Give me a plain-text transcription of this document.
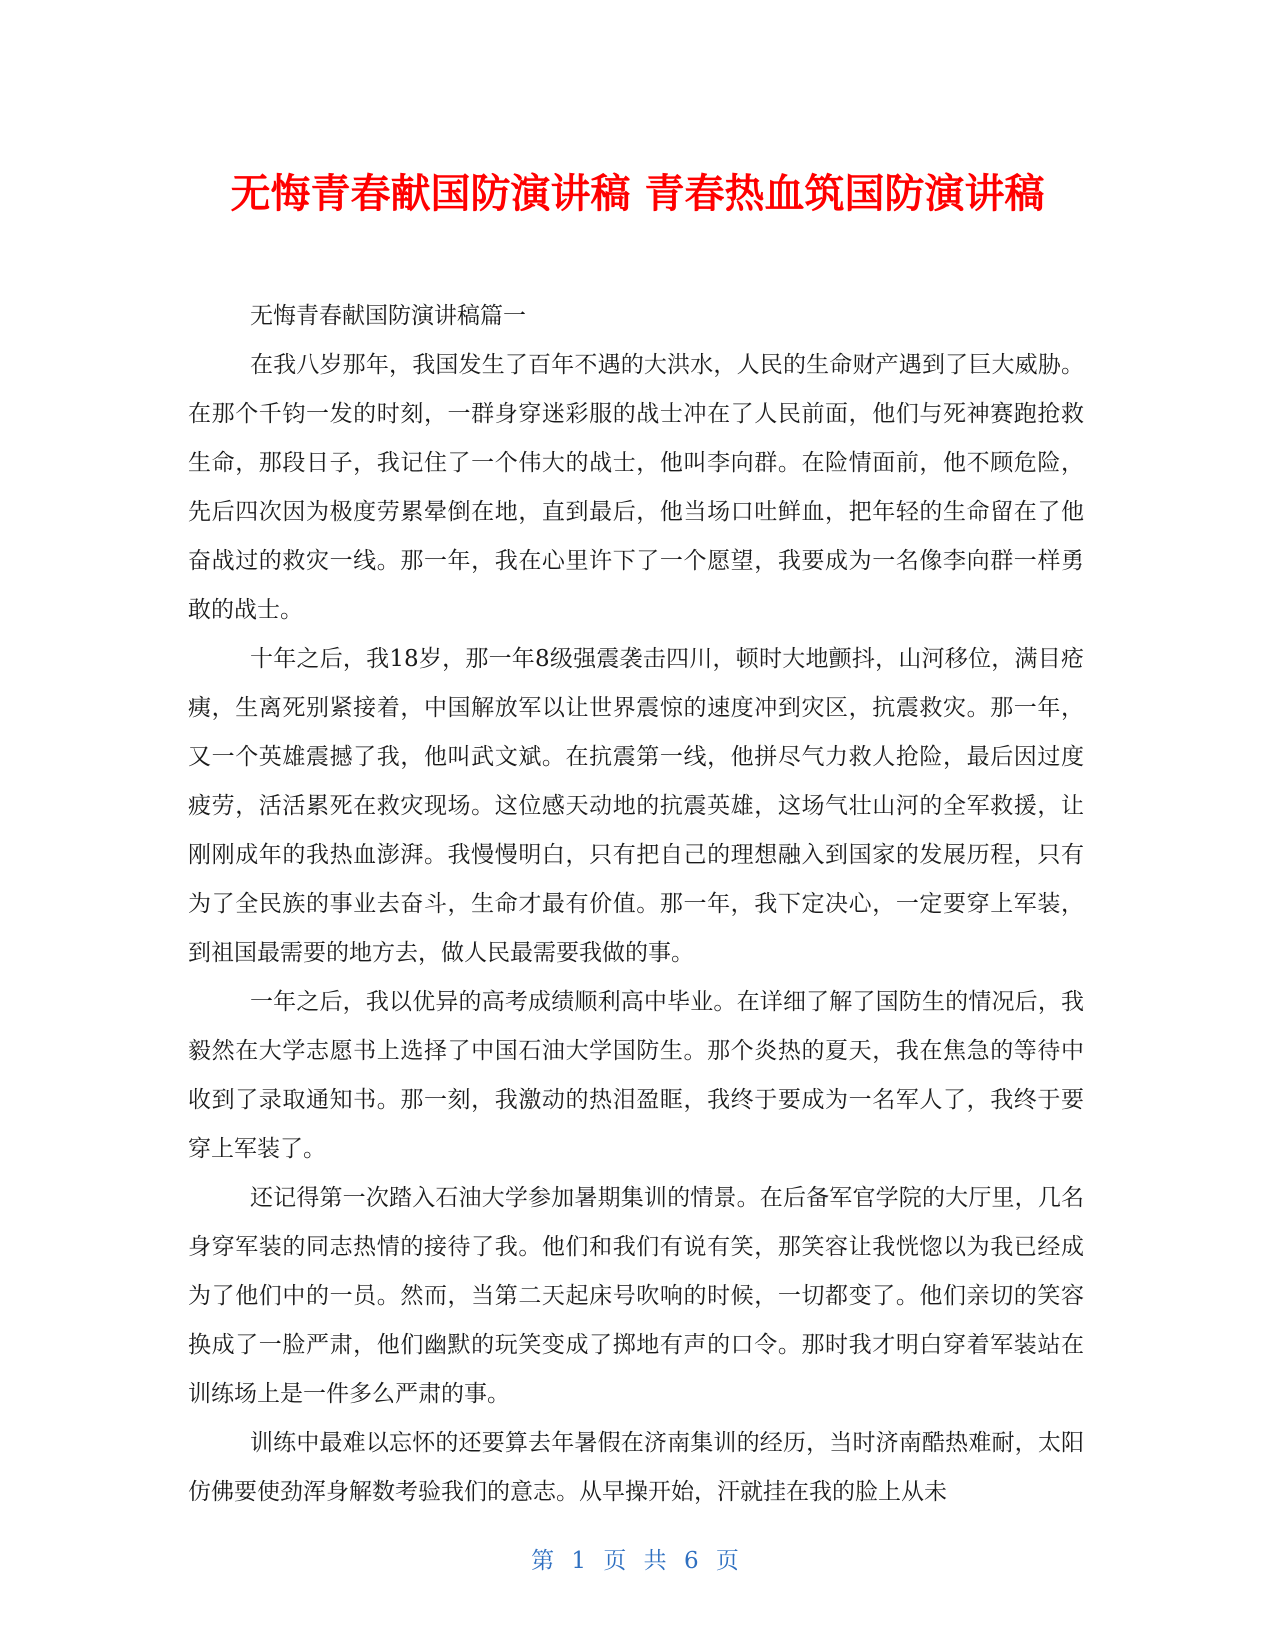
无悔青春献国防演讲稿 青春热血筑国防演讲稿

无悔青春献国防演讲稿篇一

在我八岁那年，我国发生了百年不遇的大洪水，人民的生命财产遇到了巨大威胁。在那个千钧一发的时刻，一群身穿迷彩服的战士冲在了人民前面，他们与死神赛跑抢救生命，那段日子，我记住了一个伟大的战士，他叫李向群。在险情面前，他不顾危险，先后四次因为极度劳累晕倒在地，直到最后，他当场口吐鲜血，把年轻的生命留在了他奋战过的救灾一线。那一年，我在心里许下了一个愿望，我要成为一名像李向群一样勇敢的战士。

十年之后，我18岁，那一年8级强震袭击四川，顿时大地颤抖，山河移位，满目疮痍，生离死别紧接着，中国解放军以让世界震惊的速度冲到灾区，抗震救灾。那一年，又一个英雄震撼了我，他叫武文斌。在抗震第一线，他拼尽气力救人抢险，最后因过度疲劳，活活累死在救灾现场。这位感天动地的抗震英雄，这场气壮山河的全军救援，让刚刚成年的我热血澎湃。我慢慢明白，只有把自己的理想融入到国家的发展历程，只有为了全民族的事业去奋斗，生命才最有价值。那一年，我下定决心，一定要穿上军装，到祖国最需要的地方去，做人民最需要我做的事。

一年之后，我以优异的高考成绩顺利高中毕业。在详细了解了国防生的情况后，我毅然在大学志愿书上选择了中国石油大学国防生。那个炎热的夏天，我在焦急的等待中收到了录取通知书。那一刻，我激动的热泪盈眶，我终于要成为一名军人了，我终于要穿上军装了。

还记得第一次踏入石油大学参加暑期集训的情景。在后备军官学院的大厅里，几名身穿军装的同志热情的接待了我。他们和我们有说有笑，那笑容让我恍惚以为我已经成为了他们中的一员。然而，当第二天起床号吹响的时候，一切都变了。他们亲切的笑容换成了一脸严肃，他们幽默的玩笑变成了掷地有声的口令。那时我才明白穿着军装站在训练场上是一件多么严肃的事。

训练中最难以忘怀的还要算去年暑假在济南集训的经历，当时济南酷热难耐，太阳仿佛要使劲浑身解数考验我们的意志。从早操开始，汗就挂在我的脸上从未

第 1 页 共 6 页
